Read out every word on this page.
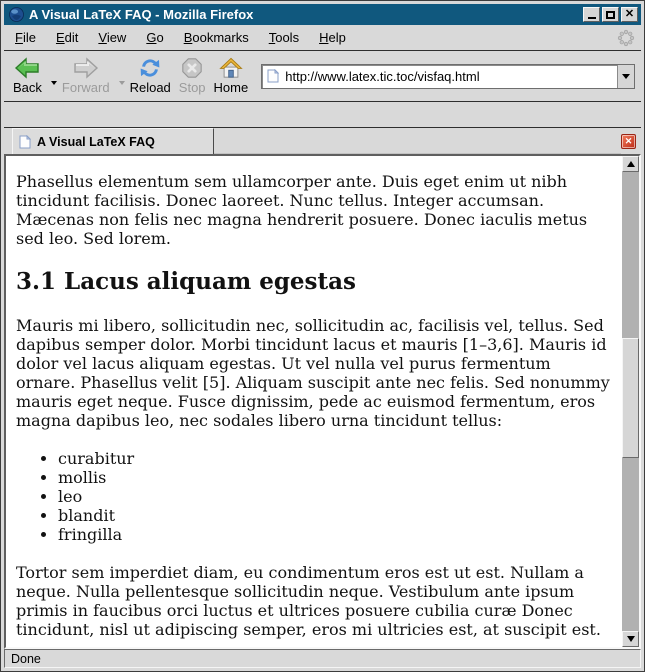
A Visual LaTeX FAQ - Mozilla Firefox	✕
File	Edit	View	Go	Bookmarks	Tools	Help
Back Forward Reload Stop Home
http://www.latex.tic.toc/visfaq.html
A Visual LaTeX FAQ	✕

Phasellus elementum sem ullamcorper ante. Duis eget enim ut nibh tincidunt facilisis. Donec laoreet. Nunc tellus. Integer accumsan. Mæcenas non felis nec magna hendrerit posuere. Donec iaculis metus sed leo. Sed lorem.

3.1 Lacus aliquam egestas

Mauris mi libero, sollicitudin nec, sollicitudin ac, facilisis vel, tellus. Sed dapibus semper dolor. Morbi tincidunt lacus et mauris [1–3,6]. Mauris id dolor vel lacus aliquam egestas. Ut vel nulla vel purus fermentum ornare. Phasellus velit [5]. Aliquam suscipit ante nec felis. Sed nonummy mauris eget neque. Fusce dignissim, pede ac euismod fermentum, eros magna dapibus leo, nec sodales libero urna tincidunt tellus:

• curabitur
• mollis
• leo
• blandit
• fringilla

Tortor sem imperdiet diam, eu condimentum eros est ut est. Nullam a neque. Nulla pellentesque sollicitudin neque. Vestibulum ante ipsum primis in faucibus orci luctus et ultrices posuere cubilia curæ Donec tincidunt, nisl ut adipiscing semper, eros mi ultricies est, at suscipit est.

Done
